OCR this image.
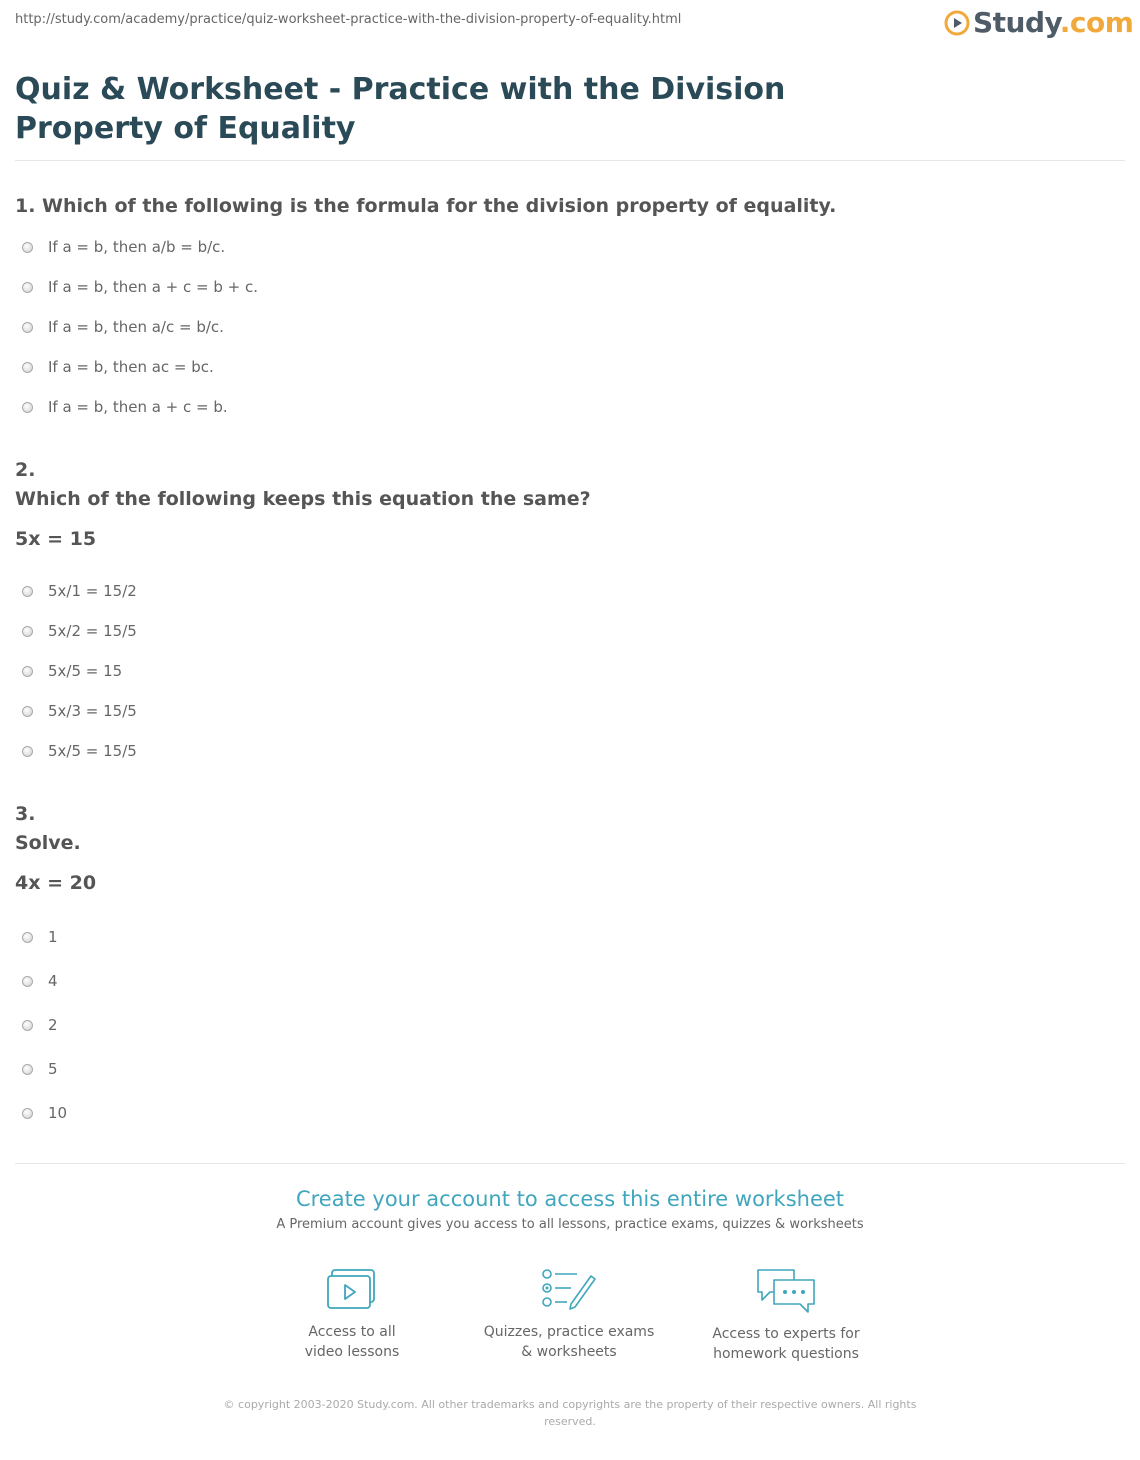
http://study.com/academy/practice/quiz-worksheet-practice-with-the-division-property-of-equality.html	Study.com
Quiz & Worksheet - Practice with the Division Property of Equality

1. Which of the following is the formula for the division property of equality.

If a = b, then a/b = b/c.
If a = b, then a + c = b + c.
If a = b, then a/c = b/c.
If a = b, then ac = bc.
If a = b, then a + c = b.

2.

Which of the following keeps this equation the same?

5x = 15

5x/1 = 15/2
5x/2 = 15/5
5x/5 = 15
5x/3 = 15/5
5x/5 = 15/5

3.

Solve.

4x = 20

1
4
2
5
10
Create your account to access this entire worksheet
A Premium account gives you access to all lessons, practice exams, quizzes & worksheets
Access to all
video lessons
Quizzes, practice exams
& worksheets
Access to experts for
homework questions
© copyright 2003-2020 Study.com. All other trademarks and copyrights are the property of their respective owners. All rights reserved.
